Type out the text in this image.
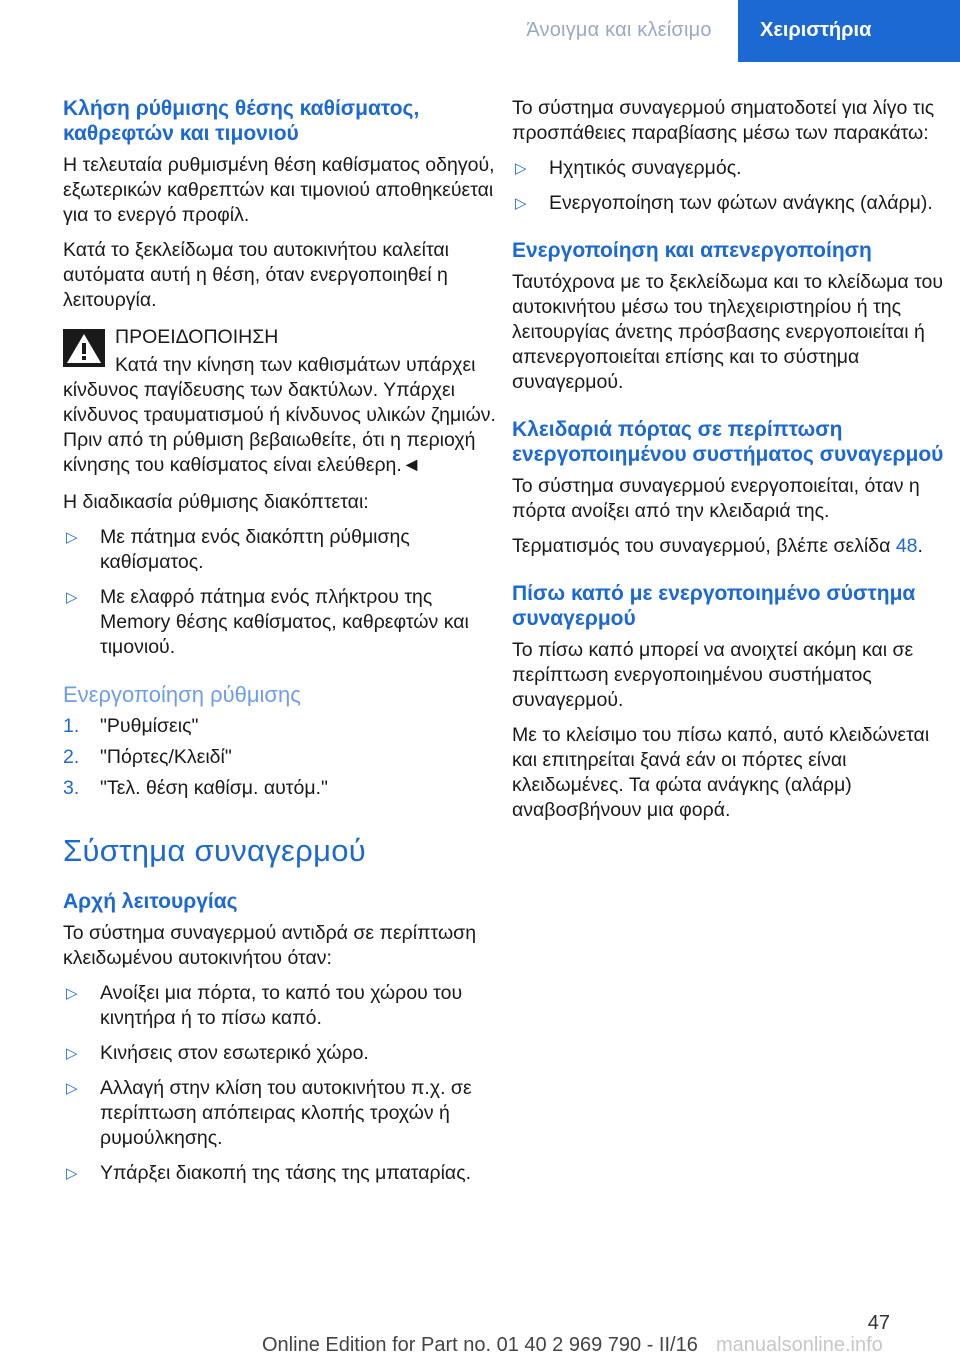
Άνοιγμα και κλείσιμο	Χειριστήρια
Κλήση ρύθμισης θέσης καθίσματος, καθρεφτών και τιμονιού

Η τελευταία ρυθμισμένη θέση καθίσματος οδηγού, εξωτερικών καθρεπτών και τιμονιού αποθηκεύεται για το ενεργό προφίλ.

Κατά το ξεκλείδωμα του αυτοκινήτου καλείται αυτόματα αυτή η θέση, όταν ενεργοποιηθεί η λειτουργία.

ΠΡΟΕΙΔΟΠΟΙΗΣΗ
Κατά την κίνηση των καθισμάτων υπάρχει κίνδυνος παγίδευσης των δακτύλων. Υπάρχει κίνδυνος τραυματισμού ή κίνδυνος υλικών ζημιών. Πριν από τη ρύθμιση βεβαιωθείτε, ότι η περιοχή κίνησης του καθίσματος είναι ελεύθερη.◄

Η διαδικασία ρύθμισης διακόπτεται:

▷ Με πάτημα ενός διακόπτη ρύθμισης καθίσματος.
▷ Με ελαφρό πάτημα ενός πλήκτρου της Memory θέσης καθίσματος, καθρεφτών και τιμονιού.
Ενεργοποίηση ρύθμισης
1. "Ρυθμίσεις"
2. "Πόρτες/Κλειδί"
3. "Τελ. θέση καθίσμ. αυτόμ."
Σύστημα συναγερμού
Αρχή λειτουργίας

Το σύστημα συναγερμού αντιδρά σε περίπτωση κλειδωμένου αυτοκινήτου όταν:

▷ Ανοίξει μια πόρτα, το καπό του χώρου του κινητήρα ή το πίσω καπό.
▷ Κινήσεις στον εσωτερικό χώρο.
▷ Αλλαγή στην κλίση του αυτοκινήτου π.χ. σε περίπτωση απόπειρας κλοπής τροχών ή ρυμούλκησης.
▷ Υπάρξει διακοπή της τάσης της μπαταρίας.

Το σύστημα συναγερμού σηματοδοτεί για λίγο τις προσπάθειες παραβίασης μέσω των παρακάτω:

▷ Ηχητικός συναγερμός.
▷ Ενεργοποίηση των φώτων ανάγκης (αλάρμ).
Ενεργοποίηση και απενεργοποίηση

Ταυτόχρονα με το ξεκλείδωμα και το κλείδωμα του αυτοκινήτου μέσω του τηλεχειριστηρίου ή της λειτουργίας άνετης πρόσβασης ενεργοποιείται ή απενεργοποιείται επίσης και το σύστημα συναγερμού.

Κλειδαριά πόρτας σε περίπτωση ενεργοποιημένου συστήματος συναγερμού

Το σύστημα συναγερμού ενεργοποιείται, όταν η πόρτα ανοίξει από την κλειδαριά της.

Τερματισμός του συναγερμού, βλέπε σελίδα 48.

Πίσω καπό με ενεργοποιημένο σύστημα συναγερμού

Το πίσω καπό μπορεί να ανοιχτεί ακόμη και σε περίπτωση ενεργοποιημένου συστήματος συναγερμού.

Με το κλείσιμο του πίσω καπό, αυτό κλειδώνεται και επιτηρείται ξανά εάν οι πόρτες είναι κλειδωμένες. Τα φώτα ανάγκης (αλάρμ) αναβοσβήνουν μια φορά.

47
Online Edition for Part no. 01 40 2 969 790 - II/16 manualsonline.info
